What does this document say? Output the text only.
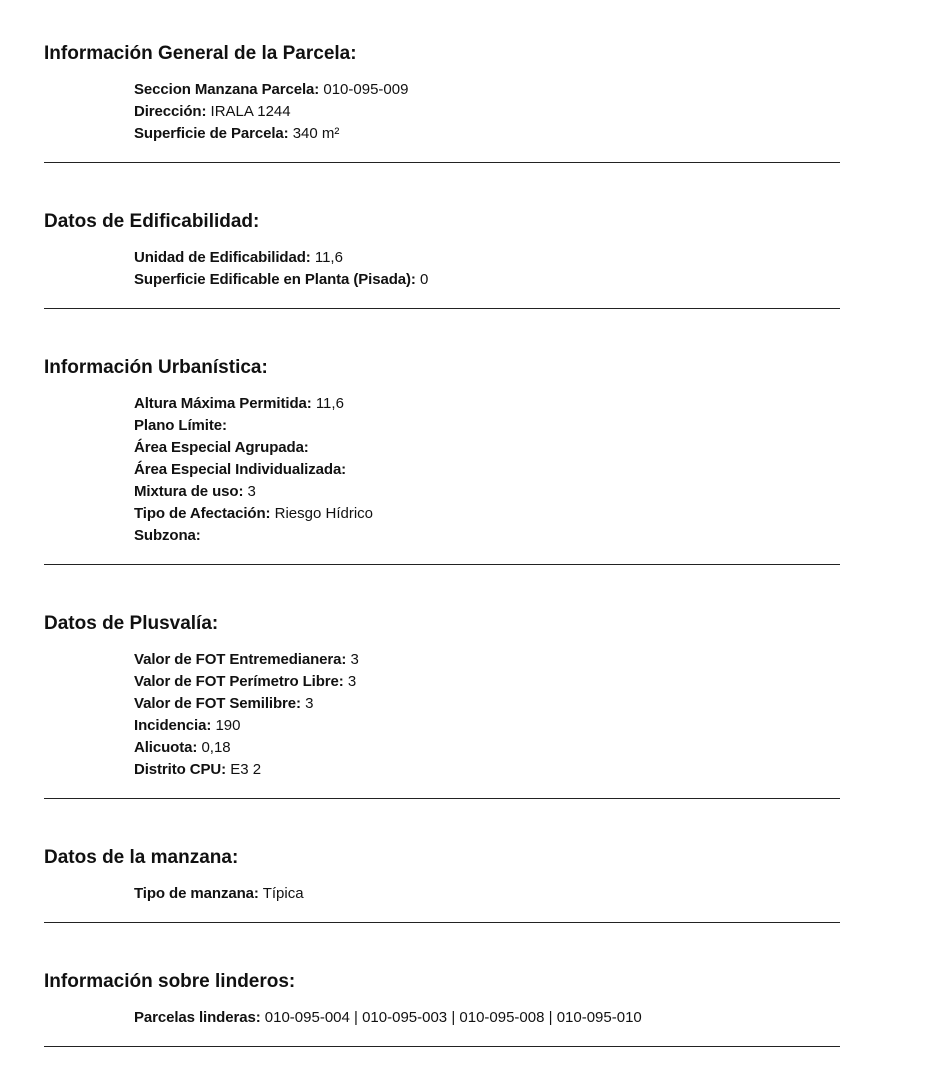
Información General de la Parcela:
Seccion Manzana Parcela: 010-095-009
Dirección: IRALA 1244
Superficie de Parcela: 340 m²
Datos de Edificabilidad:
Unidad de Edificabilidad: 11,6
Superficie Edificable en Planta (Pisada): 0
Información Urbanística:
Altura Máxima Permitida: 11,6
Plano Límite:
Área Especial Agrupada:
Área Especial Individualizada:
Mixtura de uso: 3
Tipo de Afectación: Riesgo Hídrico
Subzona:
Datos de Plusvalía:
Valor de FOT Entremedianera: 3
Valor de FOT Perímetro Libre: 3
Valor de FOT Semilibre: 3
Incidencia: 190
Alicuota: 0,18
Distrito CPU: E3 2
Datos de la manzana:
Tipo de manzana: Típica
Información sobre linderos:
Parcelas linderas: 010-095-004 | 010-095-003 | 010-095-008 | 010-095-010
